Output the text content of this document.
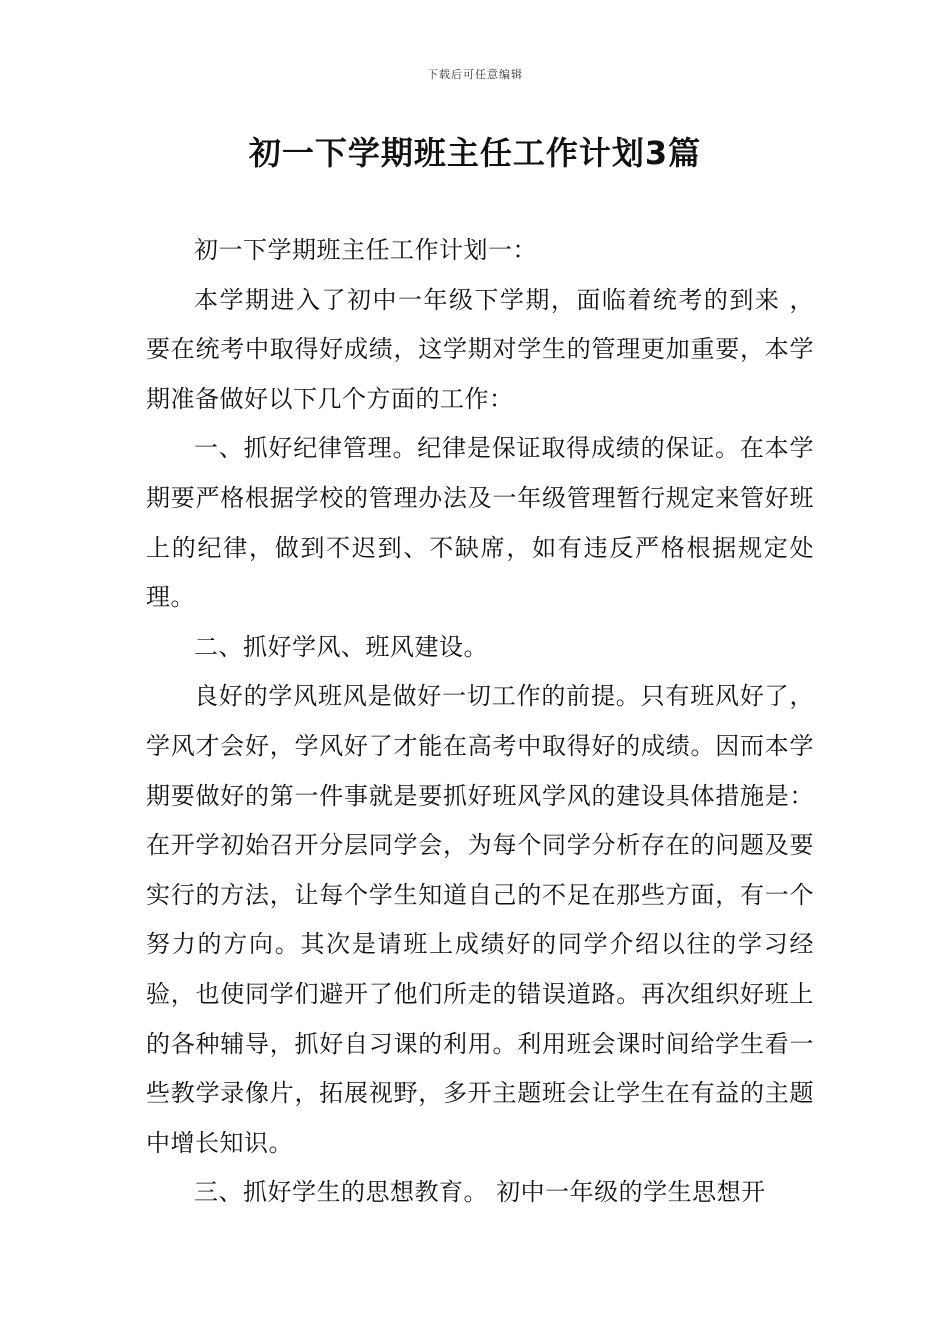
下载后可任意编辑
初一下学期班主任工作计划3篇

初一下学期班主任工作计划一：

本学期进入了初中一年级下学期，面临着统考的到来 ，要在统考中取得好成绩，这学期对学生的管理更加重要，本学期准备做好以下几个方面的工作：

一、抓好纪律管理。纪律是保证取得成绩的保证。在本学期要严格根据学校的管理办法及一年级管理暂行规定来管好班上的纪律，做到不迟到、不缺席，如有违反严格根据规定处理。

二、抓好学风、班风建设。

良好的学风班风是做好一切工作的前提。只有班风好了，学风才会好，学风好了才能在高考中取得好的成绩。因而本学期要做好的第一件事就是要抓好班风学风的建设具体措施是：在开学初始召开分层同学会，为每个同学分析存在的问题及要实行的方法，让每个学生知道自己的不足在那些方面，有一个努力的方向。其次是请班上成绩好的同学介绍以往的学习经验，也使同学们避开了他们所走的错误道路。再次组织好班上的各种辅导，抓好自习课的利用。利用班会课时间给学生看一些教学录像片，拓展视野，多开主题班会让学生在有益的主题中增长知识。

三、抓好学生的思想教育。 初中一年级的学生思想开
